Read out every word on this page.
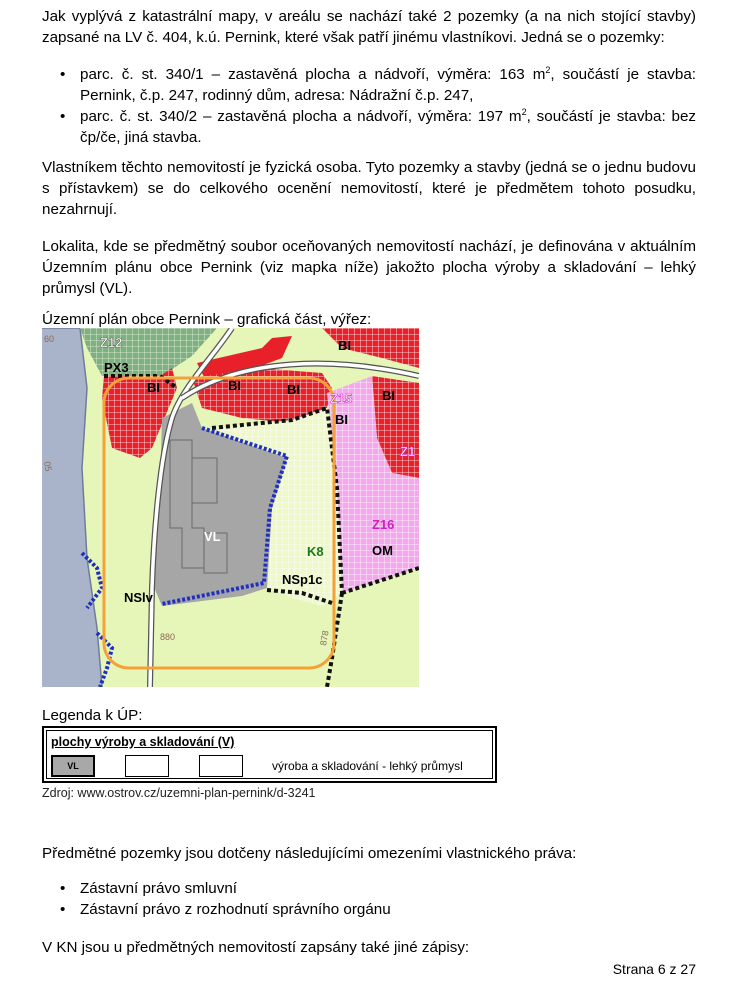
Jak vyplývá z katastrální mapy, v areálu se nachází také 2 pozemky (a na nich stojící stavby) zapsané na LV č. 404, k.ú. Pernink, které však patří jinému vlastníkovi. Jedná se o pozemky:

• parc. č. st. 340/1 – zastavěná plocha a nádvoří, výměra: 163 $m^2$, součástí je stavba: Pernink, č.p. 247, rodinný dům, adresa: Nádražní č.p. 247,
• parc. č. st. 340/2 – zastavěná plocha a nádvoří, výměra: 197 $m^2$, součástí je stavba: bez čp/če, jiná stavba.

Vlastníkem těchto nemovitostí je fyzická osoba. Tyto pozemky a stavby (jedná se o jednu budovu s přístavkem) se do celkového ocenění nemovitostí, které je předmětem tohoto posudku, nezahrnují.

Lokalita, kde se předmětný soubor oceňovaných nemovitostí nachází, je definována v aktuálním Územním plánu obce Pernink (viz mapka níže) jakožto plocha výroby a skladování – lehký průmysl (VL).

Územní plán obce Pernink – grafická část, výřez:

Z12
PX3
BI	BI	BI
BI
BI
BI
Z15
Z1
Z16
OM
VL
K8
NSp1c
NSlv
880	878
05
60

Legenda k ÚP:

plochy výroby a skladování (V)
VL	výroba a skladování - lehký průmysl
Zdroj: www.ostrov.cz/uzemni-plan-pernink/d-3241

Předmětné pozemky jsou dotčeny následujícími omezeními vlastnického práva:

• Zástavní právo smluvní
• Zástavní právo z rozhodnutí správního orgánu

V KN jsou u předmětných nemovitostí zapsány také jiné zápisy:

Strana 6 z 27
